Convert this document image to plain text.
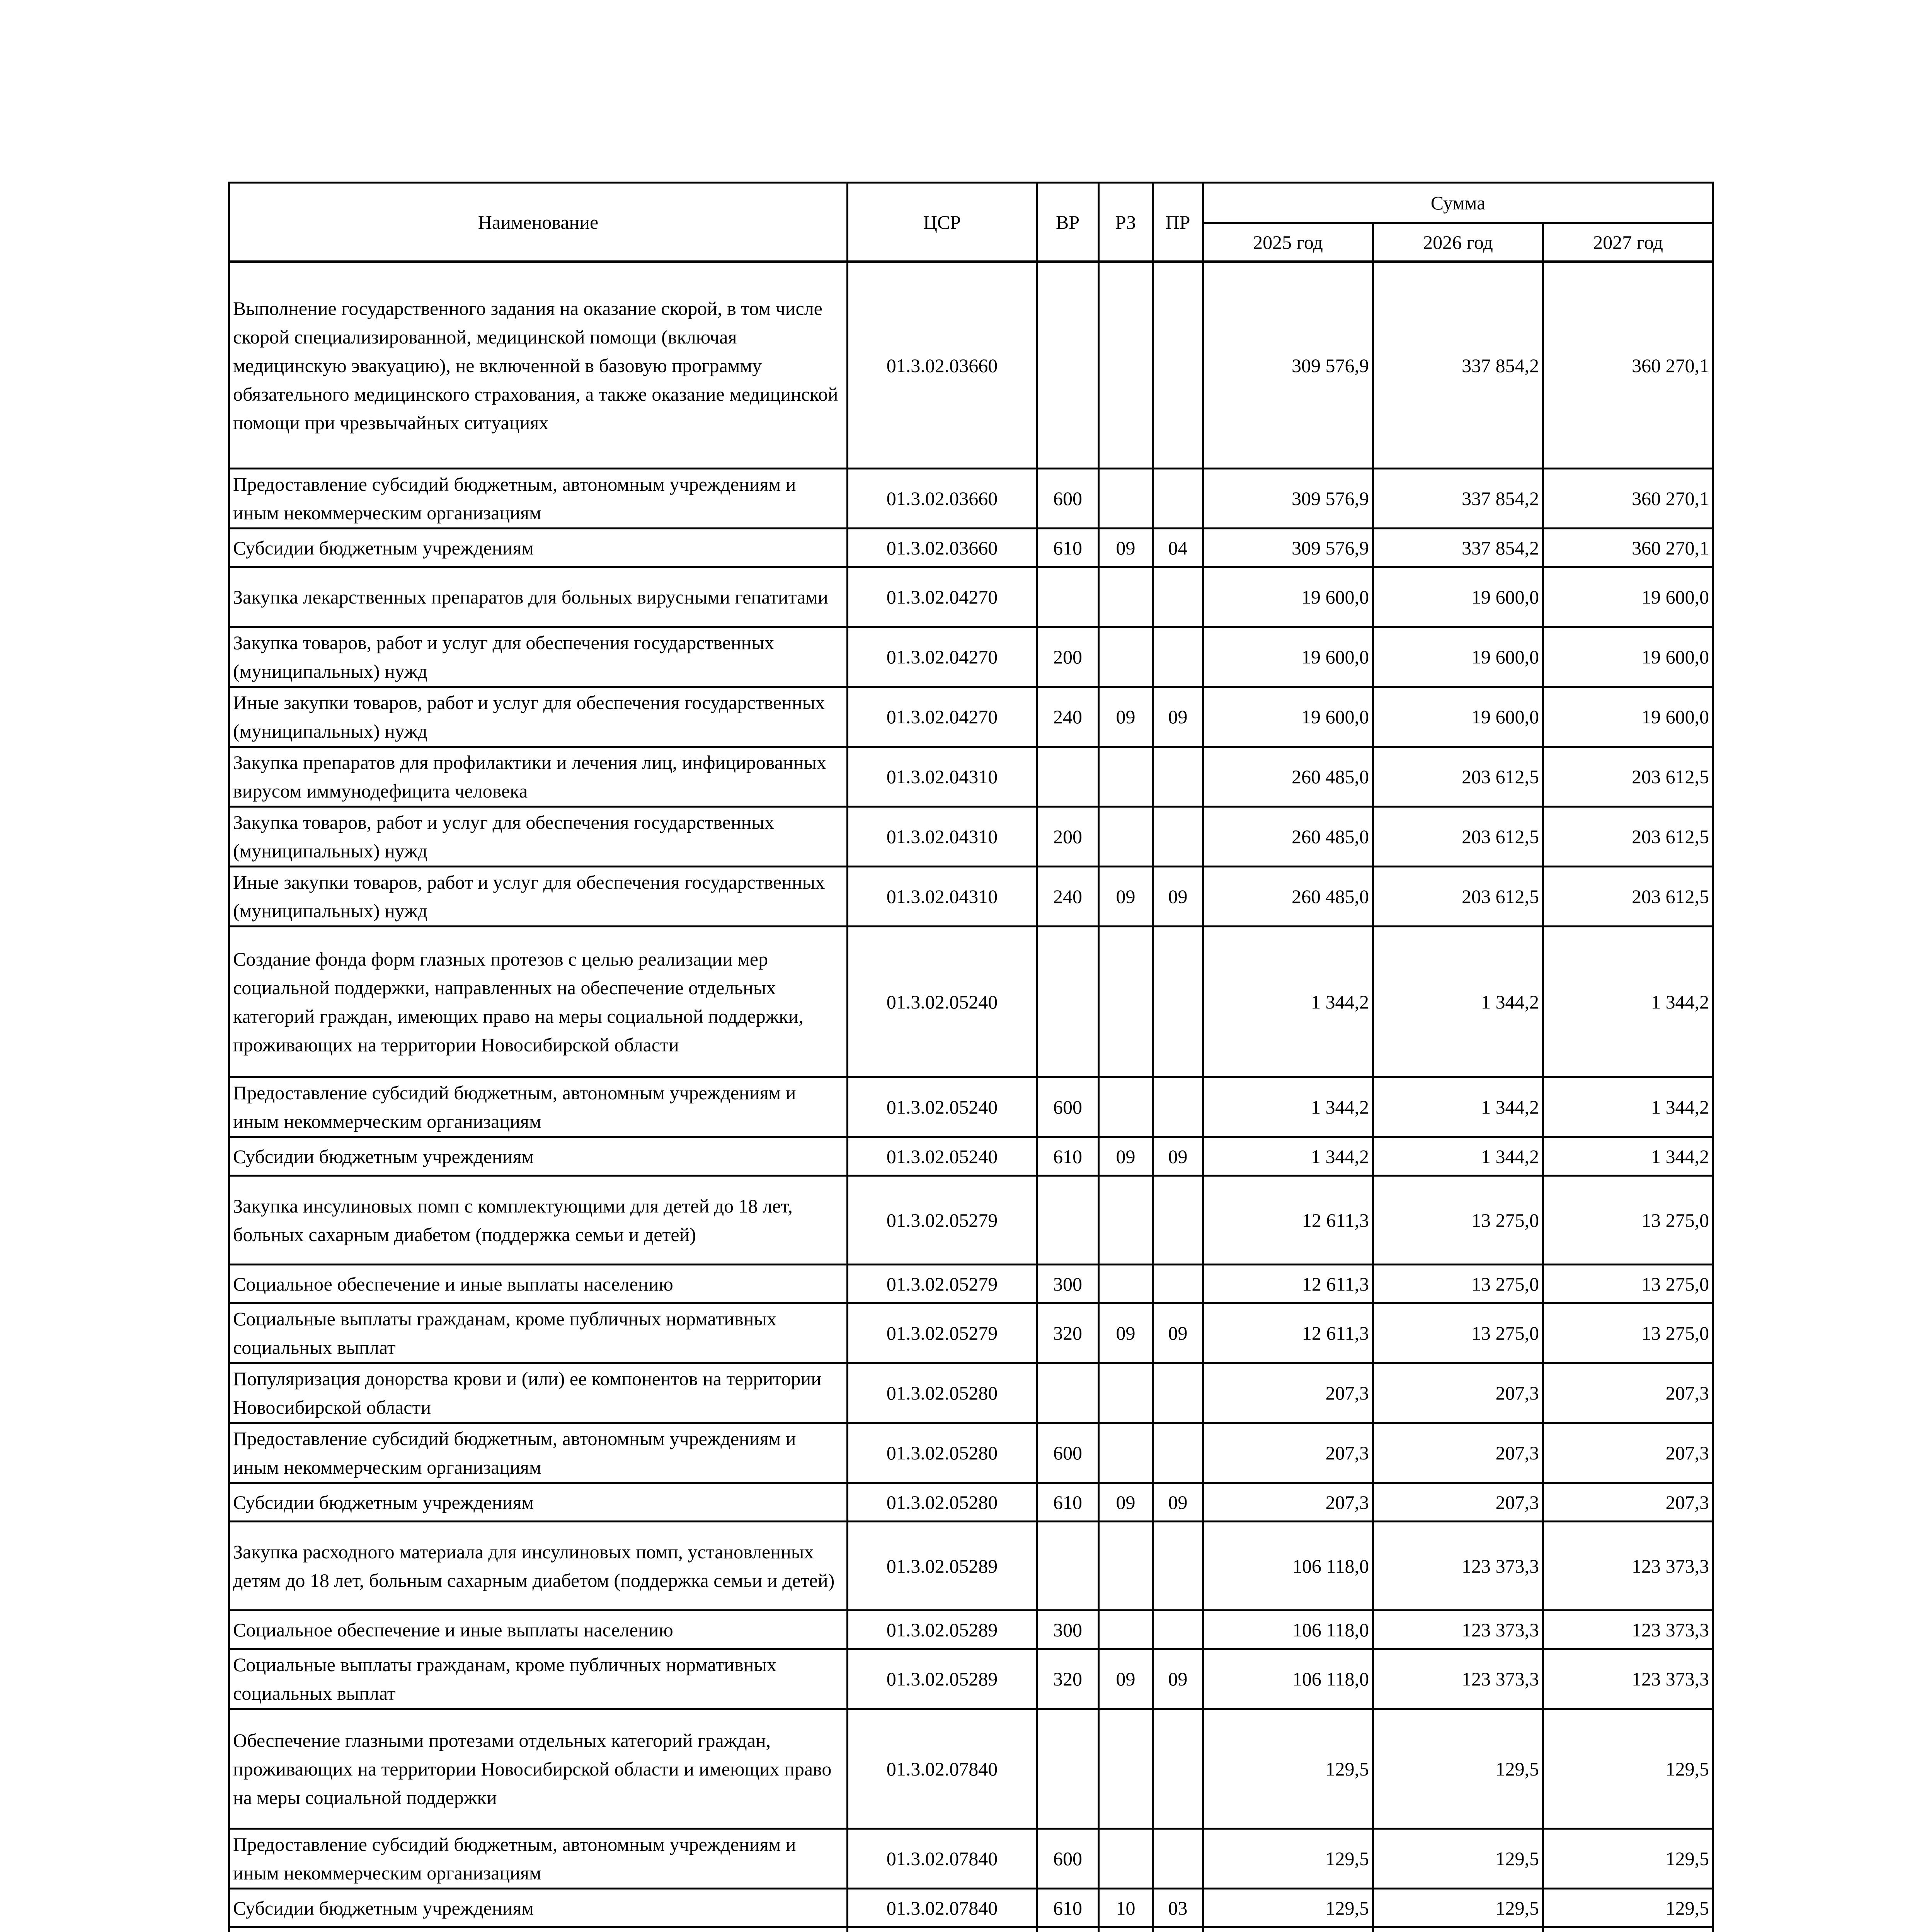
Наименование	ЦСР	ВР	РЗ	ПР	Сумма		
					2025 год	2026 год	2027 год
Выполнение государственного задания на оказание скорой, в том числе скорой специализированной, медицинской помощи (включая медицинскую эвакуацию), не включенной в базовую программу обязательного медицинского страхования, а также оказание медицинской помощи при чрезвычайных ситуациях	01.3.02.03660				309 576,9	337 854,2	360 270,1
Предоставление субсидий бюджетным, автономным учреждениям и иным некоммерческим организациям	01.3.02.03660	600			309 576,9	337 854,2	360 270,1
Субсидии бюджетным учреждениям	01.3.02.03660	610	09	04	309 576,9	337 854,2	360 270,1
Закупка лекарственных препаратов для больных вирусными гепатитами	01.3.02.04270				19 600,0	19 600,0	19 600,0
Закупка товаров, работ и услуг для обеспечения государственных (муниципальных) нужд	01.3.02.04270	200			19 600,0	19 600,0	19 600,0
Иные закупки товаров, работ и услуг для обеспечения государственных (муниципальных) нужд	01.3.02.04270	240	09	09	19 600,0	19 600,0	19 600,0
Закупка препаратов для профилактики и лечения лиц, инфицированных вирусом иммунодефицита человека	01.3.02.04310				260 485,0	203 612,5	203 612,5
Закупка товаров, работ и услуг для обеспечения государственных (муниципальных) нужд	01.3.02.04310	200			260 485,0	203 612,5	203 612,5
Иные закупки товаров, работ и услуг для обеспечения государственных (муниципальных) нужд	01.3.02.04310	240	09	09	260 485,0	203 612,5	203 612,5
Создание фонда форм глазных протезов с целью реализации мер социальной поддержки, направленных на обеспечение отдельных категорий граждан, имеющих право на меры социальной поддержки, проживающих на территории Новосибирской области	01.3.02.05240				1 344,2	1 344,2	1 344,2
Предоставление субсидий бюджетным, автономным учреждениям и иным некоммерческим организациям	01.3.02.05240	600			1 344,2	1 344,2	1 344,2
Субсидии бюджетным учреждениям	01.3.02.05240	610	09	09	1 344,2	1 344,2	1 344,2
Закупка инсулиновых помп с комплектующими для детей до 18 лет, больных сахарным диабетом (поддержка семьи и детей)	01.3.02.05279				12 611,3	13 275,0	13 275,0
Социальное обеспечение и иные выплаты населению	01.3.02.05279	300			12 611,3	13 275,0	13 275,0
Социальные выплаты гражданам, кроме публичных нормативных социальных выплат	01.3.02.05279	320	09	09	12 611,3	13 275,0	13 275,0
Популяризация донорства крови и (или) ее компонентов на территории Новосибирской области	01.3.02.05280				207,3	207,3	207,3
Предоставление субсидий бюджетным, автономным учреждениям и иным некоммерческим организациям	01.3.02.05280	600			207,3	207,3	207,3
Субсидии бюджетным учреждениям	01.3.02.05280	610	09	09	207,3	207,3	207,3
Закупка расходного материала для инсулиновых помп, установленных детям до 18 лет, больным сахарным диабетом (поддержка семьи и детей)	01.3.02.05289				106 118,0	123 373,3	123 373,3
Социальное обеспечение и иные выплаты населению	01.3.02.05289	300			106 118,0	123 373,3	123 373,3
Социальные выплаты гражданам, кроме публичных нормативных социальных выплат	01.3.02.05289	320	09	09	106 118,0	123 373,3	123 373,3
Обеспечение глазными протезами отдельных категорий граждан, проживающих на территории Новосибирской области и имеющих право на меры социальной поддержки	01.3.02.07840				129,5	129,5	129,5
Предоставление субсидий бюджетным, автономным учреждениям и иным некоммерческим организациям	01.3.02.07840	600			129,5	129,5	129,5
Субсидии бюджетным учреждениям	01.3.02.07840	610	10	03	129,5	129,5	129,5
